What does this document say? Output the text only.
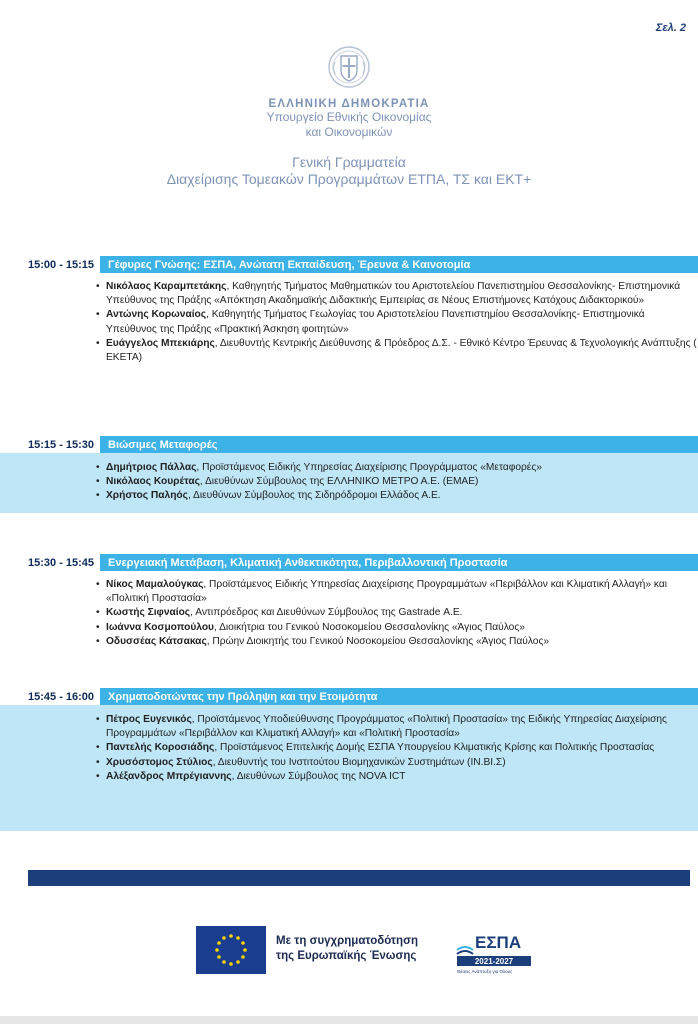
Σελ. 2
ΕΛΛΗΝΙΚΗ ΔΗΜΟΚΡΑΤΙΑ
Υπουργείο Εθνικής Οικονομίας
και Οικονομικών
Γενική Γραμματεία
Διαχείρισης Τομεακών Προγραμμάτων ΕΤΠΑ, ΤΣ και ΕΚΤ+
15:00 - 15:15	Γέφυρες Γνώσης: ΕΣΠΑ, Ανώτατη Εκπαίδευση, Έρευνα & Καινοτομία
• Νικόλαος Καραμπετάκης, Καθηγητής Τμήματος Μαθηματικών του Αριστοτελείου Πανεπιστημίου Θεσσαλονίκης- Επιστημονικά Υπεύθυνος της Πράξης «Απόκτηση Ακαδημαϊκής Διδακτικής Εμπειρίας σε Νέους Επιστήμονες Κατόχους Διδακτορικού»
• Αντώνης Κορωναίος, Καθηγητής Τμήματος Γεωλογίας του Αριστοτελείου Πανεπιστημίου Θεσσαλονίκης- Επιστημονικά Υπεύθυνος της Πράξης «Πρακτική Άσκηση φοιτητών»
• Ευάγγελος Μπεκιάρης, Διευθυντής Κεντρικής Διεύθυνσης & Πρόεδρος Δ.Σ. - Εθνικό Κέντρο Έρευνας & Τεχνολογικής Ανάπτυξης ( ΕΚΕΤΑ)
15:15 - 15:30	Βιώσιμες Μεταφορές
• Δημήτριος Πάλλας, Προϊστάμενος Ειδικής Υπηρεσίας Διαχείρισης Προγράμματος «Μεταφορές»
• Νικόλαος Κουρέτας, Διευθύνων Σύμβουλος της ΕΛΛΗΝΙΚΟ ΜΕΤΡΟ Α.Ε. (ΕΜΑΕ)
• Χρήστος Παληός, Διευθύνων Σύμβουλος της Σιδηρόδρομοι Ελλάδος Α.Ε.
15:30 - 15:45	Ενεργειακή Μετάβαση, Κλιματική Ανθεκτικότητα, Περιβαλλοντική Προστασία
• Νίκος Μαμαλούγκας, Προϊστάμενος Ειδικής Υπηρεσίας Διαχείρισης Προγραμμάτων «Περιβάλλον και Κλιματική Αλλαγή» και «Πολιτική Προστασία»
• Κωστής Σιφναίος, Αντιπρόεδρος και Διευθύνων Σύμβουλος της Gastrade Α.Ε.
• Ιωάννα Κοσμοπούλου, Διοικήτρια του Γενικού Νοσοκομείου Θεσσαλονίκης «Άγιος Παύλος»
• Οδυσσέας Κάτσακας, Πρώην Διοικητής του Γενικού Νοσοκομείου Θεσσαλονίκης «Άγιος Παύλος»
15:45 - 16:00	Χρηματοδοτώντας την Πρόληψη και την Ετοιμότητα
• Πέτρος Ευγενικός, Προϊστάμενος Υποδιεύθυνσης Προγράμματος «Πολιτική Προστασία» της Ειδικής Υπηρεσίας Διαχείρισης Προγραμμάτων «Περιβάλλον και Κλιματική Αλλαγή» και «Πολιτική Προστασία»
• Παντελής Κοροσιάδης, Προϊστάμενος Επιτελικής Δομής ΕΣΠΑ Υπουργείου Κλιματικής Κρίσης και Πολιτικής Προστασίας
• Χρυσόστομος Στύλιος, Διευθυντής του Ινστιτούτου Βιομηχανικών Συστημάτων (ΙΝ.ΒΙ.Σ)
• Αλέξανδρος Μπρέγιαννης, Διευθύνων Σύμβουλος της NOVA ICT
Με τη συγχρηματοδότηση
της Ευρωπαϊκής Ένωσης
ΕΣΠΑ
2021-2027
Θέσεις Ανάπτυξη για Όλους
